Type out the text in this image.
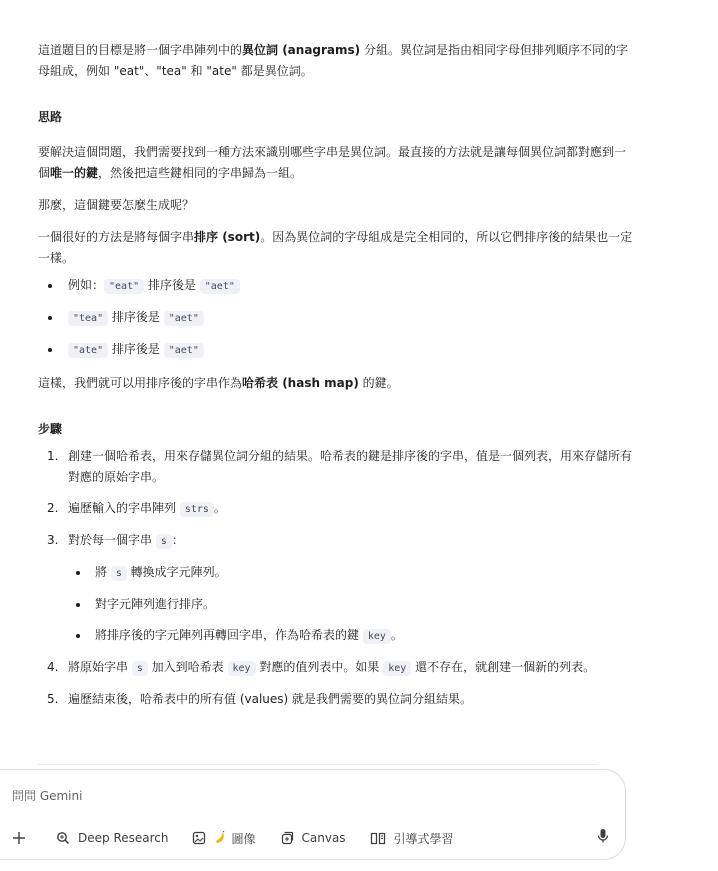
這道題目的目標是將一個字串陣列中的異位詞 (anagrams) 分組。異位詞是指由相同字母但排列順序不同的字母組成，例如 "eat"、"tea" 和 "ate" 都是異位詞。

思路

要解決這個問題，我們需要找到一種方法來識別哪些字串是異位詞。最直接的方法就是讓每個異位詞都對應到一個唯一的鍵，然後把這些鍵相同的字串歸為一組。

那麼，這個鍵要怎麼生成呢？

一個很好的方法是將每個字串排序 (sort)。因為異位詞的字母組成是完全相同的，所以它們排序後的結果也一定一樣。

例如： "eat" 排序後是 "aet"
"tea" 排序後是 "aet"
"ate" 排序後是 "aet"

這樣，我們就可以用排序後的字串作為哈希表 (hash map) 的鍵。

步驟

1. 創建一個哈希表，用來存儲異位詞分組的結果。哈希表的鍵是排序後的字串，值是一個列表，用來存儲所有對應的原始字串。
2. 遍歷輸入的字串陣列 strs 。
3. 對於每一個字串 s ：
將 s 轉換成字元陣列。
對字元陣列進行排序。
將排序後的字元陣列再轉回字串，作為哈希表的鍵 key 。
4. 將原始字串 s 加入到哈希表 key 對應的值列表中。如果 key 還不存在，就創建一個新的列表。
5. 遍歷結束後，哈希表中的所有值 (values) 就是我們需要的異位詞分組結果。
問問 Gemini
Deep Research	圖像	Canvas	引導式學習
